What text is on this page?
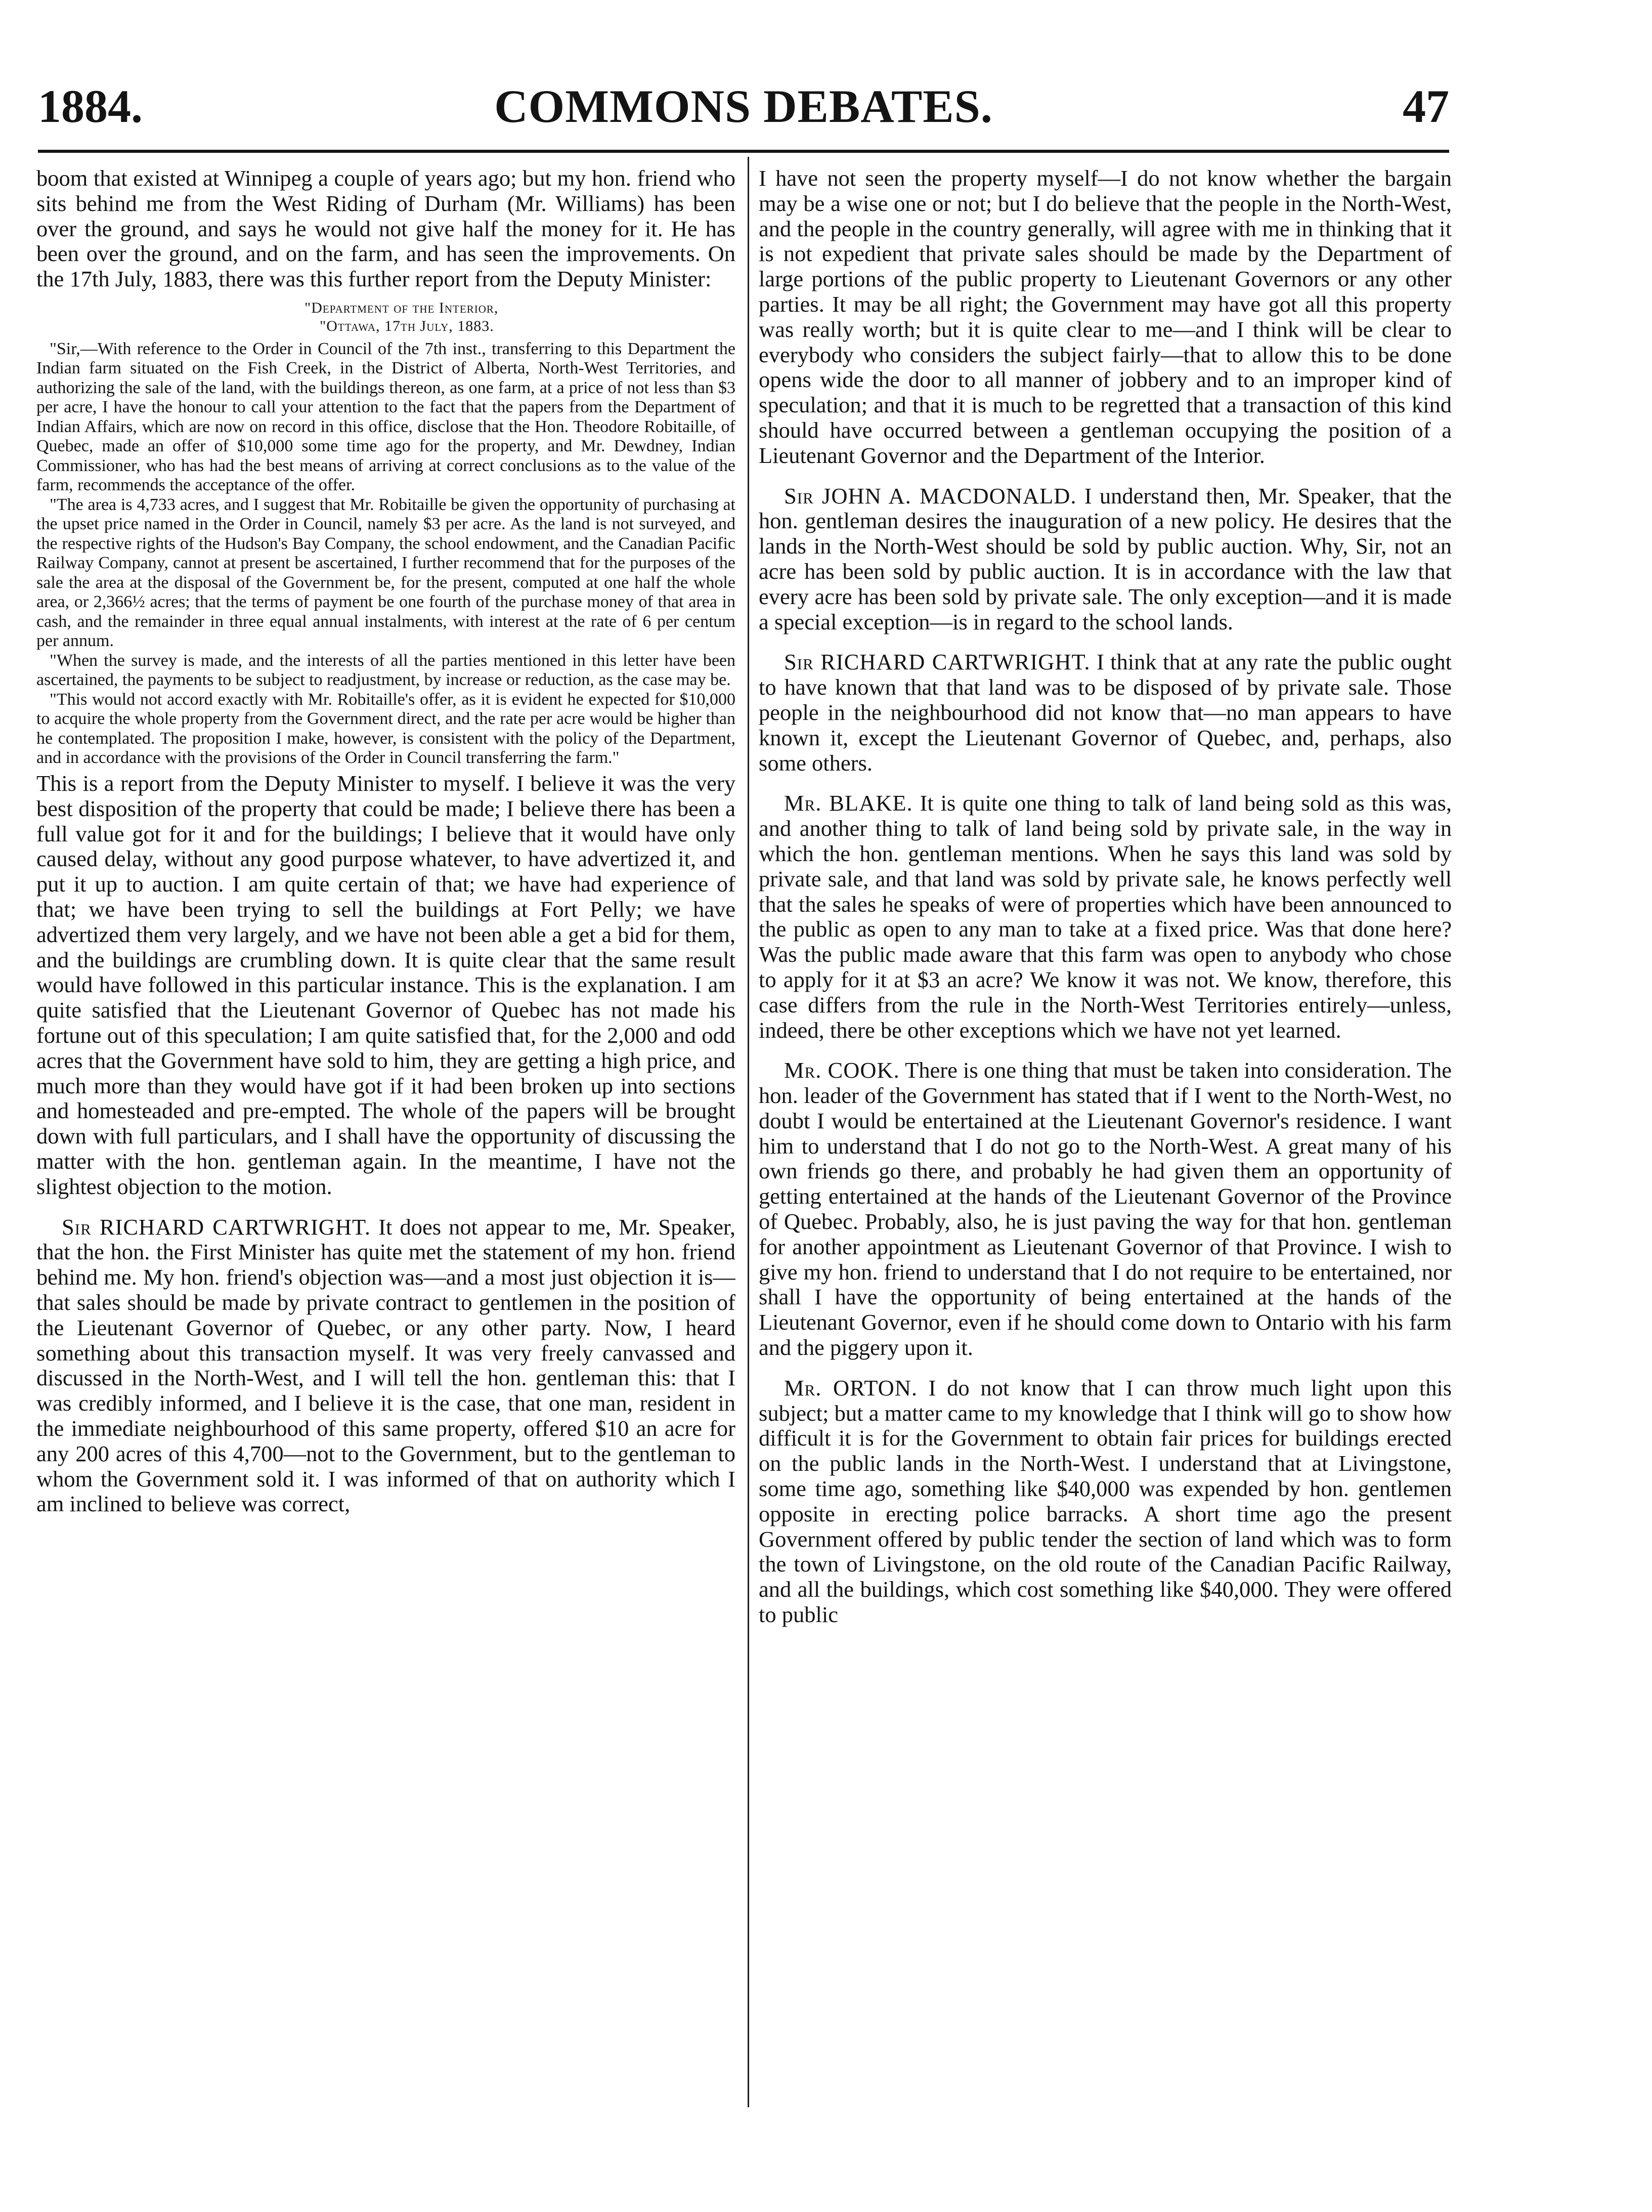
1884.	COMMONS DEBATES.	47

boom that existed at Winnipeg a couple of years ago; but my hon. friend who sits behind me from the West Riding of Durham (Mr. Williams) has been over the ground, and says he would not give half the money for it. He has been over the ground, and on the farm, and has seen the improvements. On the 17th July, 1883, there was this further report from the Deputy Minister:

"Department of the Interior,
"Ottawa, 17th July, 1883.

"Sir,—With reference to the Order in Council of the 7th inst., transferring to this Department the Indian farm situated on the Fish Creek, in the District of Alberta, North-West Territories, and authorizing the sale of the land, with the buildings thereon, as one farm, at a price of not less than $3 per acre, I have the honour to call your attention to the fact that the papers from the Department of Indian Affairs, which are now on record in this office, disclose that the Hon. Theodore Robitaille, of Quebec, made an offer of $10,000 some time ago for the property, and Mr. Dewdney, Indian Commissioner, who has had the best means of arriving at correct conclusions as to the value of the farm, recommends the acceptance of the offer.

"The area is 4,733 acres, and I suggest that Mr. Robitaille be given the opportunity of purchasing at the upset price named in the Order in Council, namely $3 per acre. As the land is not surveyed, and the respective rights of the Hudson's Bay Company, the school endowment, and the Canadian Pacific Railway Company, cannot at present be ascertained, I further recommend that for the purposes of the sale the area at the disposal of the Government be, for the present, computed at one half the whole area, or 2,366½ acres; that the terms of payment be one fourth of the purchase money of that area in cash, and the remainder in three equal annual instalments, with interest at the rate of 6 per centum per annum.

"When the survey is made, and the interests of all the parties mentioned in this letter have been ascertained, the payments to be subject to readjustment, by increase or reduction, as the case may be.

"This would not accord exactly with Mr. Robitaille's offer, as it is evident he expected for $10,000 to acquire the whole property from the Government direct, and the rate per acre would be higher than he contemplated. The proposition I make, however, is consistent with the policy of the Department, and in accordance with the provisions of the Order in Council transferring the farm."

This is a report from the Deputy Minister to myself. I believe it was the very best disposition of the property that could be made; I believe there has been a full value got for it and for the buildings; I believe that it would have only caused delay, without any good purpose whatever, to have advertized it, and put it up to auction. I am quite certain of that; we have had experience of that; we have been trying to sell the buildings at Fort Pelly; we have advertized them very largely, and we have not been able a get a bid for them, and the buildings are crumbling down. It is quite clear that the same result would have followed in this particular instance. This is the explanation. I am quite satisfied that the Lieutenant Governor of Quebec has not made his fortune out of this speculation; I am quite satisfied that, for the 2,000 and odd acres that the Government have sold to him, they are getting a high price, and much more than they would have got if it had been broken up into sections and homesteaded and pre-empted. The whole of the papers will be brought down with full particulars, and I shall have the opportunity of discussing the matter with the hon. gentleman again. In the meantime, I have not the slightest objection to the motion.

Sir RICHARD CARTWRIGHT. It does not appear to me, Mr. Speaker, that the hon. the First Minister has quite met the statement of my hon. friend behind me. My hon. friend's objection was—and a most just objection it is—that sales should be made by private contract to gentlemen in the position of the Lieutenant Governor of Quebec, or any other party. Now, I heard something about this transaction myself. It was very freely canvassed and discussed in the North-West, and I will tell the hon. gentleman this: that I was credibly informed, and I believe it is the case, that one man, resident in the immediate neighbourhood of this same property, offered $10 an acre for any 200 acres of this 4,700—not to the Government, but to the gentleman to whom the Government sold it. I was informed of that on authority which I am inclined to believe was correct,

I have not seen the property myself—I do not know whether the bargain may be a wise one or not; but I do believe that the people in the North-West, and the people in the country generally, will agree with me in thinking that it is not expedient that private sales should be made by the Department of large portions of the public property to Lieutenant Governors or any other parties. It may be all right; the Government may have got all this property was really worth; but it is quite clear to me—and I think will be clear to everybody who considers the subject fairly—that to allow this to be done opens wide the door to all manner of jobbery and to an improper kind of speculation; and that it is much to be regretted that a transaction of this kind should have occurred between a gentleman occupying the position of a Lieutenant Governor and the Department of the Interior.

Sir JOHN A. MACDONALD. I understand then, Mr. Speaker, that the hon. gentleman desires the inauguration of a new policy. He desires that the lands in the North-West should be sold by public auction. Why, Sir, not an acre has been sold by public auction. It is in accordance with the law that every acre has been sold by private sale. The only exception—and it is made a special exception—is in regard to the school lands.

Sir RICHARD CARTWRIGHT. I think that at any rate the public ought to have known that that land was to be disposed of by private sale. Those people in the neighbourhood did not know that—no man appears to have known it, except the Lieutenant Governor of Quebec, and, perhaps, also some others.

Mr. BLAKE. It is quite one thing to talk of land being sold as this was, and another thing to talk of land being sold by private sale, in the way in which the hon. gentleman mentions. When he says this land was sold by private sale, and that land was sold by private sale, he knows perfectly well that the sales he speaks of were of properties which have been announced to the public as open to any man to take at a fixed price. Was that done here? Was the public made aware that this farm was open to anybody who chose to apply for it at $3 an acre? We know it was not. We know, therefore, this case differs from the rule in the North-West Territories entirely—unless, indeed, there be other exceptions which we have not yet learned.

Mr. COOK. There is one thing that must be taken into consideration. The hon. leader of the Government has stated that if I went to the North-West, no doubt I would be entertained at the Lieutenant Governor's residence. I want him to understand that I do not go to the North-West. A great many of his own friends go there, and probably he had given them an opportunity of getting entertained at the hands of the Lieutenant Governor of the Province of Quebec. Probably, also, he is just paving the way for that hon. gentleman for another appointment as Lieutenant Governor of that Province. I wish to give my hon. friend to understand that I do not require to be entertained, nor shall I have the opportunity of being entertained at the hands of the Lieutenant Governor, even if he should come down to Ontario with his farm and the piggery upon it.

Mr. ORTON. I do not know that I can throw much light upon this subject; but a matter came to my knowledge that I think will go to show how difficult it is for the Government to obtain fair prices for buildings erected on the public lands in the North-West. I understand that at Livingstone, some time ago, something like $40,000 was expended by hon. gentlemen opposite in erecting police barracks. A short time ago the present Government offered by public tender the section of land which was to form the town of Livingstone, on the old route of the Canadian Pacific Railway, and all the buildings, which cost something like $40,000. They were offered to public
